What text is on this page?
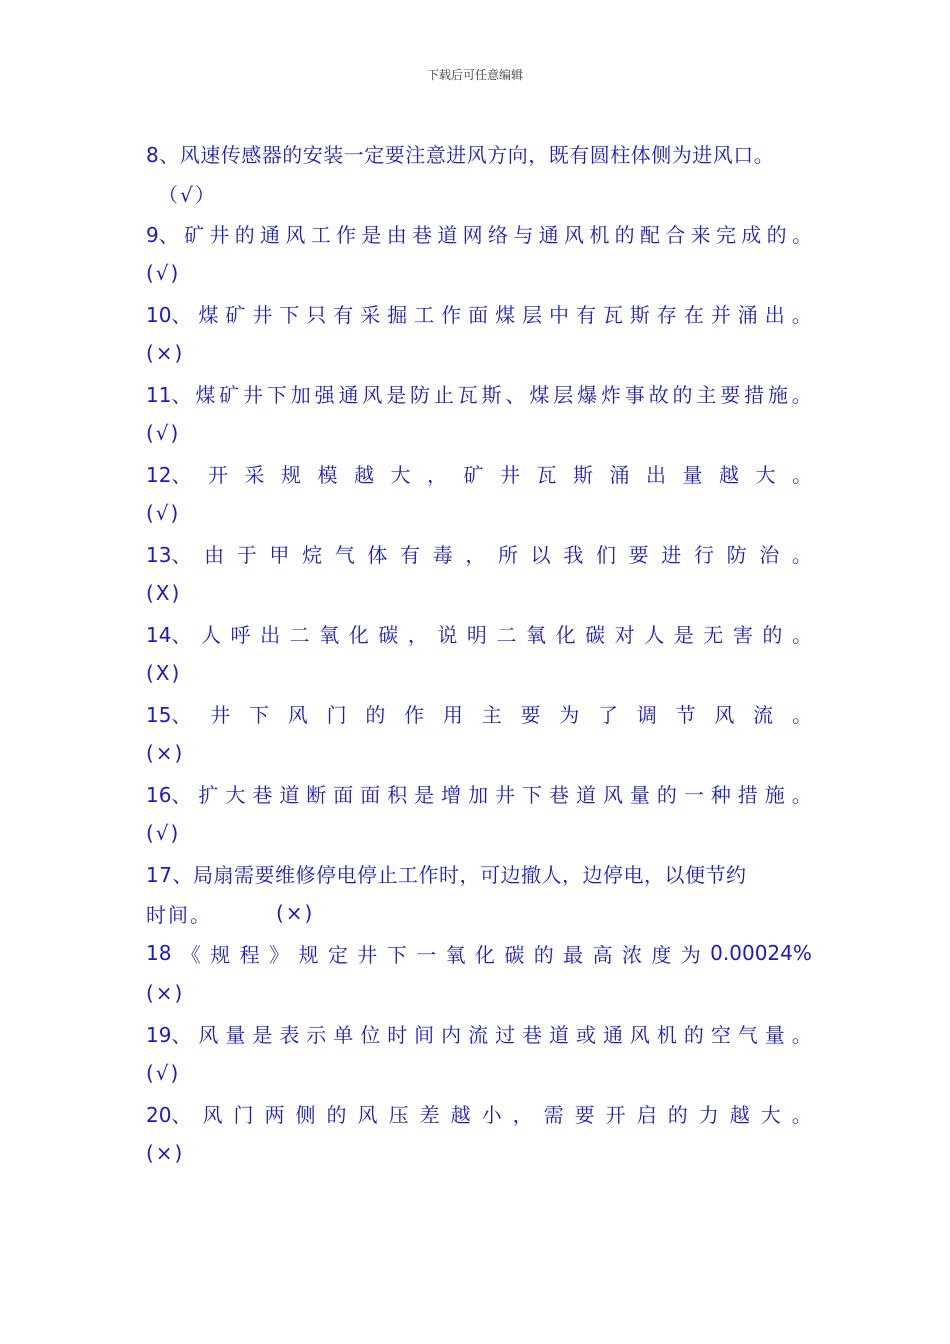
下载后可任意编辑
8、风速传感器的安装一定要注意进风方向，既有圆柱体侧为进风口。
（√）
9、 矿 井 的 通 风 工 作 是 由 巷 道 网 络 与 通 风 机 的 配 合 来 完 成 的 。
(√)
10、 煤 矿 井 下 只 有 采 掘 工 作 面 煤 层 中 有 瓦 斯 存 在 并 涌 出 。
(×)
11、 煤 矿 井 下 加 强 通 风 是 防 止 瓦 斯 、 煤 层 爆 炸 事 故 的 主 要 措 施 。
(√)
12、 开 采 规 模 越 大 ， 矿 井 瓦 斯 涌 出 量 越 大 。
(√)
13、 由 于 甲 烷 气 体 有 毒 ， 所 以 我 们 要 进 行 防 治 。
(X)
14、 人 呼 出 二 氧 化 碳 ， 说 明 二 氧 化 碳 对 人 是 无 害 的 。
(X)
15、 井 下 风 门 的 作 用 主 要 为 了 调 节 风 流 。
(×)
16、 扩 大 巷 道 断 面 面 积 是 增 加 井 下 巷 道 风 量 的 一 种 措 施 。
(√)
17、局扇需要维修停电停止工作时，可边撤人，边停电，以便节约
时间。	(×)
18 《 规 程 》 规 定 井 下 一 氧 化 碳 的 最 高 浓 度 为 0.00024%
(×)
19、 风 量 是 表 示 单 位 时 间 内 流 过 巷 道 或 通 风 机 的 空 气 量 。
(√)
20、 风 门 两 侧 的 风 压 差 越 小 ， 需 要 开 启 的 力 越 大 。
(×)
